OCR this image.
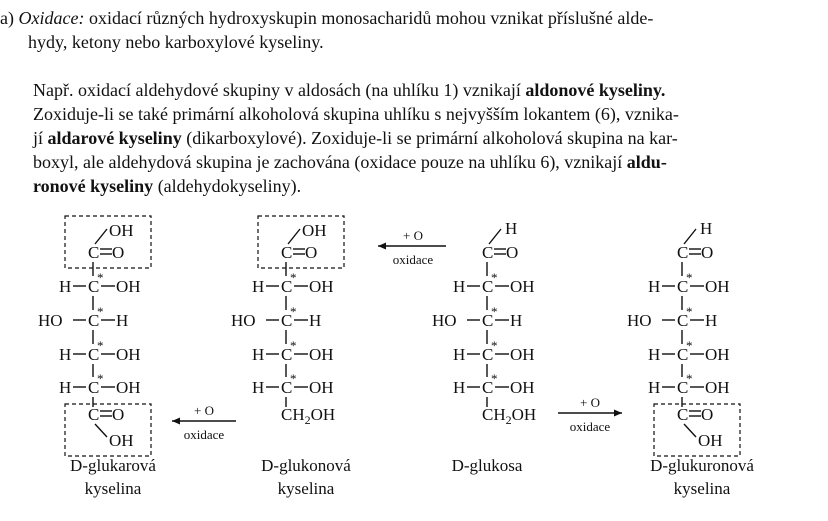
a) Oxidace: oxidací různých hydroxyskupin monosacharidů mohou vznikat příslušné alde-
hydy, ketony nebo karboxylové kyseliny.
Např. oxidací aldehydové skupiny v aldosách (na uhlíku 1) vznikají aldonové kyseliny.
Zoxiduje-li se také primární alkoholová skupina uhlíku s nejvyšším lokantem (6), vznika-
jí aldarové kyseliny (dikarboxylové). Zoxiduje-li se primární alkoholová skupina na kar-
boxyl, ale aldehydová skupina je zachována (oxidace pouze na uhlíku 6), vznikají aldu-
ronové kyseliny (aldehydokyseliny).
C O
OH
C
*
H	OH
C
*
HO	H
C
*
H	OH
C
*
H	OH
C O
OH
C O
OH
C
*
H	OH
C
*
HO	H
C
*
H	OH
C
*
H	OH
$CH_2OH$
C O
H
C
*
H	OH
C
*
HO	H
C
*
H	OH
C
*
H	OH
$CH_2OH$
C O
H
C
*
H	OH
C
*
HO	H
C
*
H	OH
C
*
H	OH
C O
OH
+ O
oxidace
+ O
oxidace
+ O
oxidace
D-glukarová
kyselina
D-glukonová
kyselina
D-glukosa	D-glukuronová
kyselina
